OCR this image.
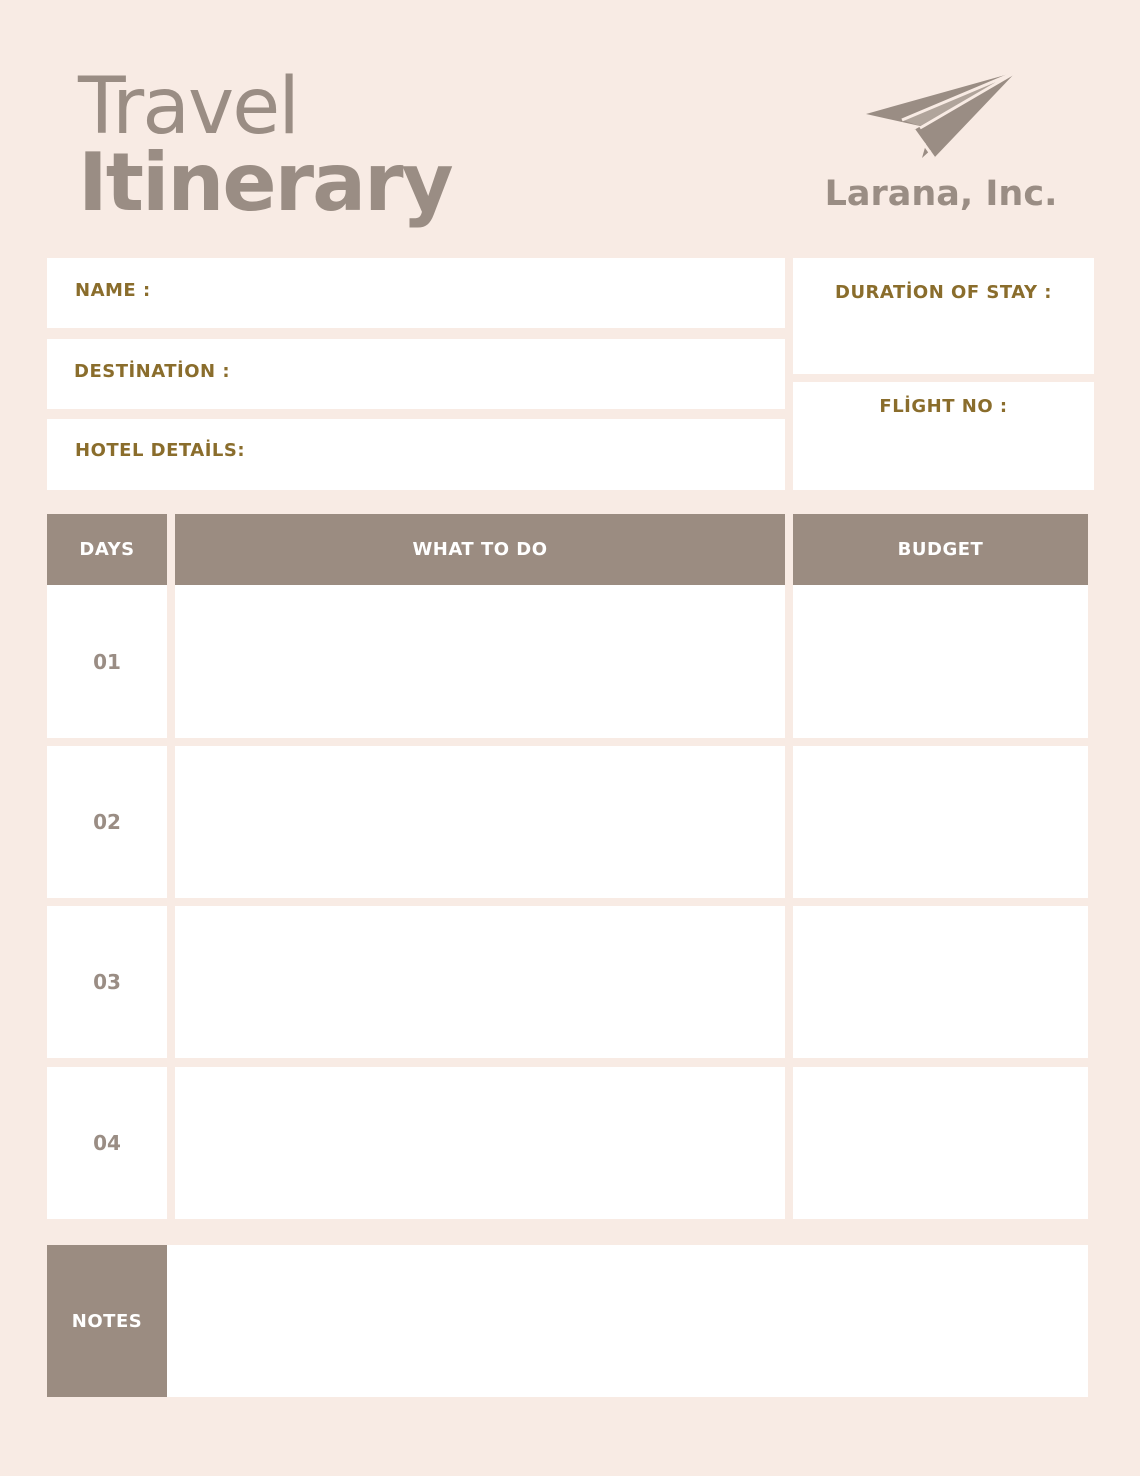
Travel
Itinerary	Larana, Inc.
NAME :
DESTİNATİON :
HOTEL DETAİLS:
DURATİON OF STAY :
FLİGHT NO :
DAYS	WHAT TO DO	BUDGET
01
02
03
04
NOTES
